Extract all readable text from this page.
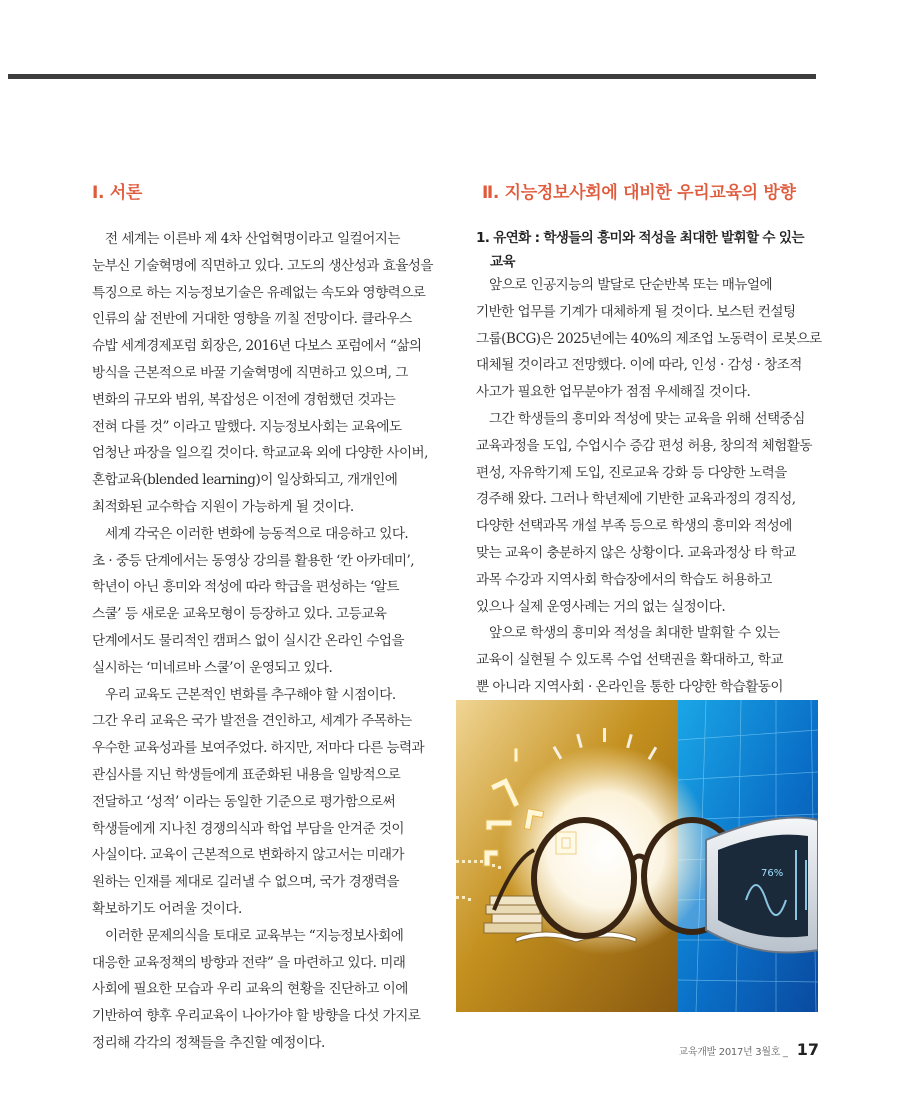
Ⅰ. 서론	Ⅱ. 지능정보사회에 대비한 우리교육의 방향

전 세계는 이른바 제 4차 산업혁명이라고 일컬어지는

눈부신 기술혁명에 직면하고 있다. 고도의 생산성과 효율성을

특징으로 하는 지능정보기술은 유례없는 속도와 영향력으로

인류의 삶 전반에 거대한 영향을 끼칠 전망이다. 클라우스

슈밥 세계경제포럼 회장은, 2016년 다보스 포럼에서 “삶의

방식을 근본적으로 바꿀 기술혁명에 직면하고 있으며, 그

변화의 규모와 범위, 복잡성은 이전에 경험했던 것과는

전혀 다를 것” 이라고 말했다. 지능정보사회는 교육에도

엄청난 파장을 일으킬 것이다. 학교교육 외에 다양한 사이버,

혼합교육(blended learning)이 일상화되고, 개개인에

최적화된 교수학습 지원이 가능하게 될 것이다.

세계 각국은 이러한 변화에 능동적으로 대응하고 있다.

초 · 중등 단계에서는 동영상 강의를 활용한 ‘칸 아카데미’,

학년이 아닌 흥미와 적성에 따라 학급을 편성하는 ‘알트

스쿨’ 등 새로운 교육모형이 등장하고 있다. 고등교육

단계에서도 물리적인 캠퍼스 없이 실시간 온라인 수업을

실시하는 ‘미네르바 스쿨’이 운영되고 있다.

우리 교육도 근본적인 변화를 추구해야 할 시점이다.

그간 우리 교육은 국가 발전을 견인하고, 세계가 주목하는

우수한 교육성과를 보여주었다. 하지만, 저마다 다른 능력과

관심사를 지닌 학생들에게 표준화된 내용을 일방적으로

전달하고 ‘성적’ 이라는 동일한 기준으로 평가함으로써

학생들에게 지나친 경쟁의식과 학업 부담을 안겨준 것이

사실이다. 교육이 근본적으로 변화하지 않고서는 미래가

원하는 인재를 제대로 길러낼 수 없으며, 국가 경쟁력을

확보하기도 어려울 것이다.

이러한 문제의식을 토대로 교육부는 “지능정보사회에

대응한 교육정책의 방향과 전략” 을 마련하고 있다. 미래

사회에 필요한 모습과 우리 교육의 현황을 진단하고 이에

기반하여 향후 우리교육이 나아가야 할 방향을 다섯 가지로

정리해 각각의 정책들을 추진할 예정이다.

1. 유연화 : 학생들의 흥미와 적성을 최대한 발휘할 수 있는
교육

앞으로 인공지능의 발달로 단순반복 또는 매뉴얼에

기반한 업무를 기계가 대체하게 될 것이다. 보스턴 컨설팅

그룹(BCG)은 2025년에는 40%의 제조업 노동력이 로봇으로

대체될 것이라고 전망했다. 이에 따라, 인성 · 감성 · 창조적

사고가 필요한 업무분야가 점점 우세해질 것이다.

그간 학생들의 흥미와 적성에 맞는 교육을 위해 선택중심

교육과정을 도입, 수업시수 증감 편성 허용, 창의적 체험활동

편성, 자유학기제 도입, 진로교육 강화 등 다양한 노력을

경주해 왔다. 그러나 학년제에 기반한 교육과정의 경직성,

다양한 선택과목 개설 부족 등으로 학생의 흥미와 적성에

맞는 교육이 충분하지 않은 상황이다. 교육과정상 타 학교

과목 수강과 지역사회 학습장에서의 학습도 허용하고

있으나 실제 운영사례는 거의 없는 실정이다.

앞으로 학생의 흥미와 적성을 최대한 발휘할 수 있는

교육이 실현될 수 있도록 수업 선택권을 확대하고, 학교

뿐 아니라 지역사회 · 온라인을 통한 다양한 학습활동이

76%
교육개발 2017년 3월호 _ 17
